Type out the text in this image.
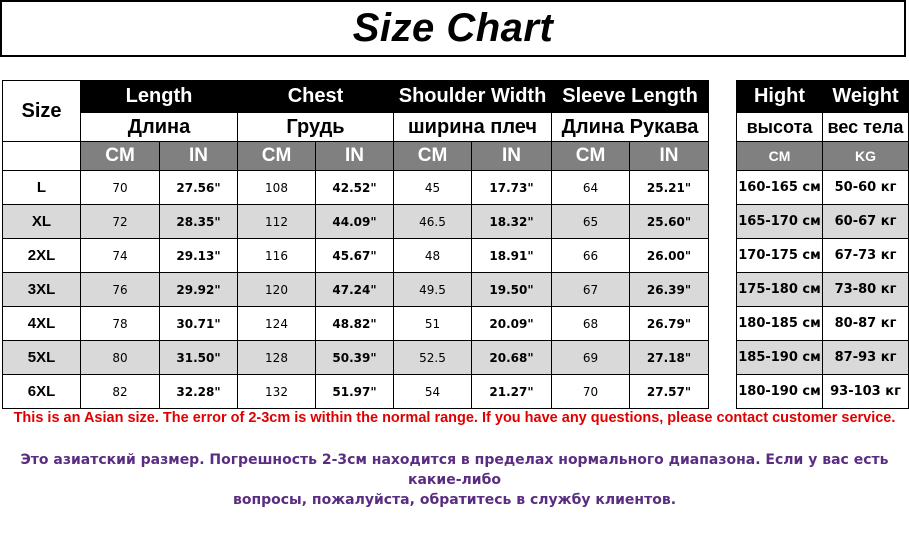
Size Chart
Size	Length		Chest		Shoulder Width		Sleeve Length	
	Длина		Грудь		ширина плеч		Длина Рукава	
	CM	IN	CM	IN	CM	IN	CM	IN
L	70	27.56"	108	42.52"	45	17.73"	64	25.21"
XL	72	28.35"	112	44.09"	46.5	18.32"	65	25.60"
2XL	74	29.13"	116	45.67"	48	18.91"	66	26.00"
3XL	76	29.92"	120	47.24"	49.5	19.50"	67	26.39"
4XL	78	30.71"	124	48.82"	51	20.09"	68	26.79"
5XL	80	31.50"	128	50.39"	52.5	20.68"	69	27.18"
6XL	82	32.28"	132	51.97"	54	21.27"	70	27.57"
Hight	Weight
высота	вес тела
CM	KG
160-165 см	50-60 кг
165-170 см	60-67 кг
170-175 см	67-73 кг
175-180 см	73-80 кг
180-185 см	80-87 кг
185-190 см	87-93 кг
180-190 см	93-103 кг
This is an Asian size. The error of 2-3cm is within the normal range. If you have any questions, please contact customer service.
Это азиатский размер. Погрешность 2-3см находится в пределах нормального диапазона. Если у вас есть какие-либо
вопросы, пожалуйста, обратитесь в службу клиентов.
